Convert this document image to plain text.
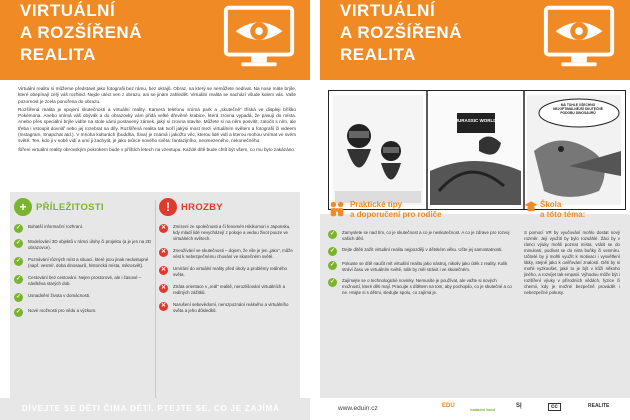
VIRTUÁLNÍ
A ROZŠÍŘENÁ
REALITA

Virtuální realitu si můžeme představit jako fotografii bez rámu, bez okrajů. Obraz, na který se nemůžete nedívat. Na nose máte brýle, které obepínají celý váš rozhled. Nejde utéct ven z obrazu, ani se jinam zahledět. Virtuální realita se nachází všude kolem vás. Vaše pozornost je zcela ponořena do obrazu.

Rozšířená realita je spojení skutečnosti a virtuální reality. Kamera telefonu snímá park a „skutečně“ tříská ve displeji bříško Pokémona. Anebo snímá váš obývák a do obrazovky vám přidá velké dřevěné krabice, která zrovna vypadá, že pasují do místa. Anebo přes speciální brýle vidíte na stole vámi postavený zámek, jaký si zrovna stavíte. Můžete si na něm posvítit, zatočit s ním, ale třeba i vstoupit dovnitř nebo jej rozebrat na díly. Rozšířená realita tak tvoří jakýsi most mezi virtuálním světem a fotografií či videem (Instagram, Snapchat atd.). V mnoha kulturách (buddha, Šiva) je známá i jakožto věc, kterou lidé vidí a kterou mohou vnímat ve svém světě. Ten, kdo ji v sobě vidí a umí ji zachytit, je jako tvůrce nového světa: fantazijního, neomezeného, nekonečného.

Šíření virtuální reality obrovským pokrokem bude v příštích letech na vzestupu. Každé dítě bude chtít být všem, co mu bylo zakázáno.

+	PŘÍLEŽITOSTI
✓	Bohatší informační rozhraní.
✓	Modelování 3D objektů v rámci úlohy či projektu (a je jen na 2D obrazovce).
✓	Poznávání různých míst a situací, které jsou jinak nedostupné (např. vesmír, doba dinosaurů, historická místa, mikrosvět).
✓	Cestování bez cestování. Nejen prostorové, ale i časové – návštěva starých dob.
✓	Usnadnění života v domácnosti.
✓	Nové možnosti pro vědu a výzkum.
!	HROZBY
✕	Zmizení ze společnosti a či fenomén Hikikomori v Japonsku, kdy mladí lidé nevycházejí z pokoje a vedou život pouze ve virtuálních světech.
✕	Zneužívání ve skutečnosti – dojem, že vše je jen „jako“, může vést k nebezpečnému chování ve skutečném světě.
✕	Umírání do virtuální reality před úkoly a problémy reálného světa.
✕	Ztráta orientace v „reál“ realitě, nerozlišování virtuálních a reálných zážitků.
✕	Narušení sebevědomí, nerozpoznání reálného a virtuálního světa a jeho důsledků.
DÍVEJTE SE DĚTI ČIMA DĚTÍ. PTEJTE SE, CO JE ZAJÍMÁ
VIRTUÁLNÍ
A ROZŠÍŘENÁ
REALITA
JURASSIC WORLD
MÁ TOHLE VŠECHNO NEJOPTIMÁLNĚJŠÍ SKUTEČNĚ PODOBU DINOSAURŮ
Praktické tipy
a doporučení pro rodiče
✓	Zamyslete se nad tím, co je skutečnost a co je neskutečnost. A co je zdrave pro rozvoj vašich dětí.
✓	Dejte dítěti zažít virtuální realitu nejpozději v dětském věku. Učte jej samostatnosti.
✓	Pokuste se dítě naučit mít virtuální realitu jako nástroj, nikoliv jako útěk z reality. Kolik stráví času ve virtuálním světě, tolik by měl strávit i ve skutečném.
✓	Zajímejte se o technologické novinky. Nemusíte je používat, ale važte si nových možností, které děti mají. Pracujte s dítětem na tom, aby pochopilo, co je skutečné a co ne. Hrajte si s dětmi, sledujte spolu, co zajímá je.
Škola
a tóto téma:
S pomocí VR by vyučování mohlo dostat nový rozměr. Její využití by bylo rozsáhlé. Žáci by v rámci výuky mohli poznat místa, vrátit se do minulosti, podívat se do nitra buňky či vesmíru. Učitelé by ji mohli využít k motivaci i vysvětlení látky, stejně jako k ověřování znalostí. Děti by si mohli vyzkoušet, jaké to je být v kůži někoho jiného, a rozvíjet tak empatii. Výhodou může být i rozšíření výuky v přírodních vědách, fyzice či chemii, kdy je možné bezpečně provádět i nebezpečné pokusy.
www.eduin.cz	EDU
nadační fond
SĮ	cc	REALITE
